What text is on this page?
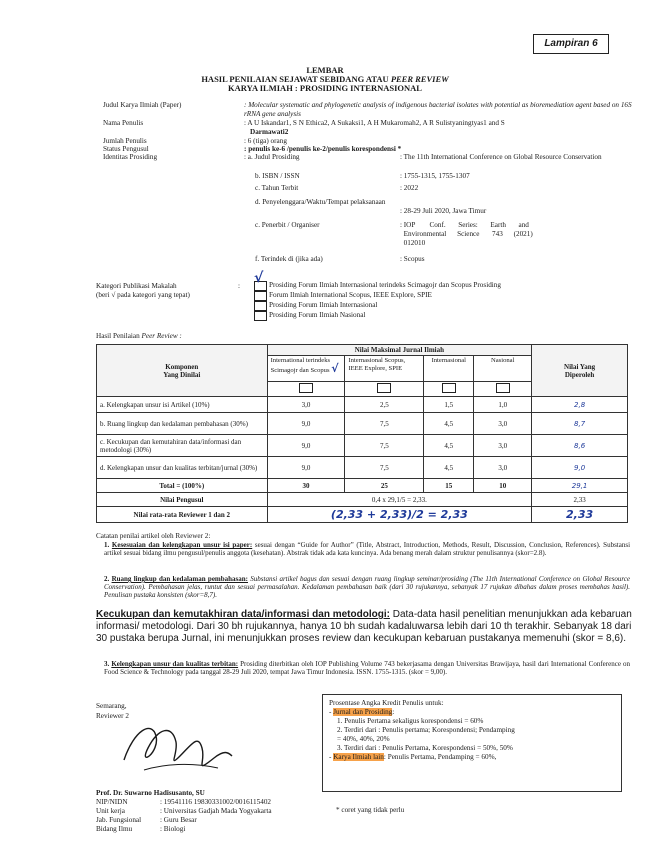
Lampiran 6
LEMBAR
HASIL PENILAIAN SEJAWAT SEBIDANG ATAU PEER REVIEW
KARYA ILMIAH : PROSIDING INTERNASIONAL
Judul Karya Ilmiah (Paper)	: Molecular systematic and phylogenetic analysis of indigenous bacterial isolates with potential as bioremediation agent based on 16S rRNA gene analysis
Nama Penulis	: A U Iskandar1, S N Ethica2, A Sukaksi1, A H Mukaromah2, A R Sulistyaningtyas1 and S
Darmawati2
Jumlah Penulis	: 6 (tiga) orang
Status Pengusul	: penulis ke-6 /penulis ke-2/penulis korespondensi *
Identitas Prosiding	: a. Judul Prosiding	: The 11th International Conference on Global Resource Conservation
b. ISBN / ISSN	: 1755-1315, 1755-1307
c. Tahun Terbit	: 2022
d. Penyelenggara/Waktu/Tempat pelaksanaan
: 28-29 Juli 2020, Jawa Timur
c. Penerbit / Organiser	: IOP        Conf.       Series:       Earth       and
Environmental      Science       743      (2021)
012010
f. Terindek di (jika ada)	: Scopus
Kategori Publikasi Makalah
(beri √ pada kategori yang tepat)
: √ Prosiding Forum Ilmiah Internasional terindeks Scimagojr dan Scopus Prosiding
Forum Ilmiah International Scopus, IEEE Explore, SPIE
Prosiding Forum Ilmiah Internasional
Prosiding Forum Ilmiah Nasional
Hasil Penilaian Peer Review :
Komponen
Yang Dinilai	Nilai Maksimal Jurnal Ilmiah				Nilai Yang
Diperoleh
	International terindeks Scimagojr dan Scopus √	Internasional Scopus, IEEE Explore, SPIE	Internasional	Nasional	

a. Kelengkapan unsur isi Artikel (10%)	3,0	2,5	1,5	1,0	2,8
b. Ruang lingkup dan kedalaman pembahasan (30%)	9,0	7,5	4,5	3,0	8,7
c. Kecukupan dan kemutahiran data/informasi dan metodologi (30%)	9,0	7,5	4,5	3,0	8,6
d. Kelengkapan unsur dan kualitas terbitan/jurnal (30%)	9,0	7,5	4,5	3,0	9,0
Total = (100%)	30	25	15	10	29,1
Nilai Pengusul	0,4 x 29,1/5 = 2,33.				2,33
Nilai rata-rata Reviewer 1 dan 2	(2,33 + 2,33)/2 = 2,33				2,33
Catatan penilai artikel oleh Reviewer 2:
1. Kesesuaian dan kelengkapan unsur isi paper: sesuai dengan “Guide for Author” (Title, Abstract, Introduction, Methods, Result, Discussion, Conclusion, References). Substansi artikel sesuai bidang ilmu pengusul/penulis anggota (kesehatan). Abstrak tidak ada kata kuncinya. Ada benang merah dalam struktur penulisannya (skor=2.8).
2. Ruang lingkup dan kedalaman pembahasan: Substansi artikel bagus dan sesuai dengan ruang lingkup seminar/prosiding (The 11th International Conference on Global Resource Conservation). Pembahasan jelas, runtut dan sesuai permasalahan. Kedalaman pembahasan baik (dari 30 rujukannya, sebanyak 17 rujukan dibahas dalam proses membahas hasil). Penulisan pustaka konsisten (skor=8,7).
Kecukupan dan kemutakhiran data/informasi dan metodologi: Data-data hasil penelitian menunjukkan ada kebaruan informasi/ metodologi. Dari 30 bh rujukannya, hanya 10 bh sudah kadaluwarsa lebih dari 10 th terakhir. Sebanyak 18 dari 30 pustaka berupa Jurnal, ini menunjukkan proses review dan kecukupan kebaruan pustakanya memenuhi (skor = 8,6).
3. Kelengkapan unsur dan kualitas terbitan: Prosiding diterbitkan oleh IOP Publishing Volume 743 bekerjasama dengan Universitas Brawijaya, hasil dari International Conference on Food Science & Technology pada tanggal 28-29 Juli 2020, tempat Jawa Timur Indonesia. ISSN. 1755-1315. (skor = 9,00).
Semarang,
Reviewer 2
Prof. Dr. Suwarno Hadisusanto, SU
NIP/NIDN	: 19541116 19830331002/0016115402
Unit kerja	: Universitas Gadjah Mada Yogyakarta
Jab. Fungsional	: Guru Besar
Bidang Ilmu	: Biologi
Prosentase Angka Kredit Penulis untuk:
- Jurnal dan Prosiding:
1. Penulis Pertama sekaligus korespondensi = 60%
2. Terdiri dari : Penulis pertama; Korespondensi; Pendamping
= 40%, 40%, 20%
3. Terdiri dari : Penulis Pertama, Korespondensi = 50%, 50%
- Karya Ilmiah lain: Penulis Pertama, Pendamping = 60%,
* coret yang tidak perlu
